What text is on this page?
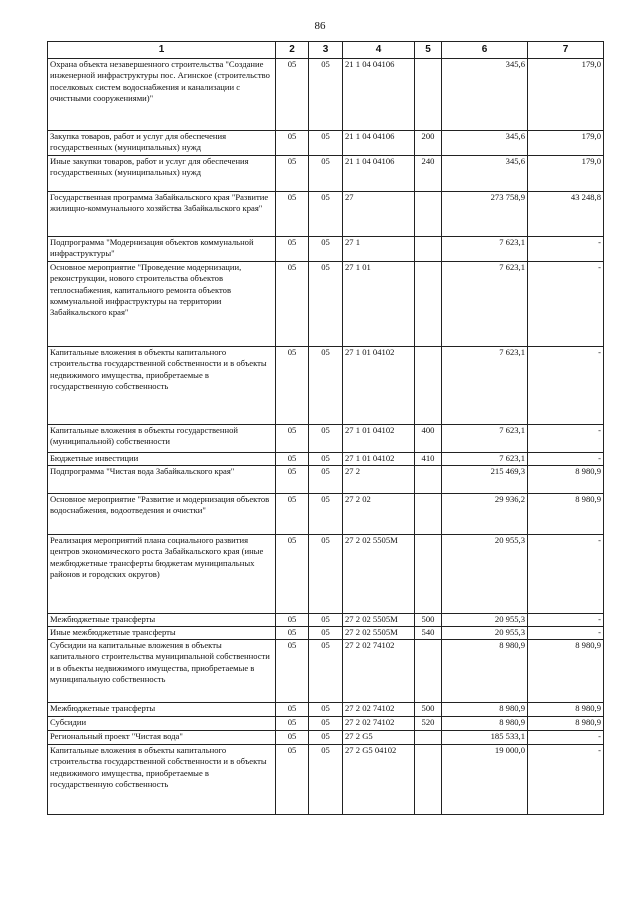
86
1	2	3	4	5	6	7
Охрана объекта незавершенного строительства "Создание инженерной инфраструктуры пос. Агинское (строительство поселковых систем водоснабжения и канализации с очистными сооружениями)"	05	05	21 1 04 04106		345,6	179,0
Закупка товаров, работ и услуг для обеспечения государственных (муниципальных) нужд	05	05	21 1 04 04106	200	345,6	179,0
Иные закупки товаров, работ и услуг для обеспечения государственных (муниципальных) нужд	05	05	21 1 04 04106	240	345,6	179,0
Государственная программа Забайкальского края "Развитие жилищно-коммунального хозяйства Забайкальского края"	05	05	27		273 758,9	43 248,8
Подпрограмма "Модернизация объектов коммунальной инфраструктуры"	05	05	27 1		7 623,1	-
Основное мероприятие "Проведение модернизации, реконструкции, нового строительства объектов теплоснабжения, капитального ремонта объектов коммунальной инфраструктуры на территории Забайкальского края"	05	05	27 1 01		7 623,1	-
Капитальные вложения в объекты капитального строительства государственной собственности и в объекты недвижимого имущества, приобретаемые в государственную собственность	05	05	27 1 01 04102		7 623,1	-
Капитальные вложения в объекты государственной (муниципальной) собственности	05	05	27 1 01 04102	400	7 623,1	-
Бюджетные инвестиции	05	05	27 1 01 04102	410	7 623,1	-
Подпрограмма "Чистая вода Забайкальского края"	05	05	27 2		215 469,3	8 980,9
Основное мероприятие "Развитие и модернизация объектов водоснабжения, водоотведения и очистки"	05	05	27 2 02		29 936,2	8 980,9
Реализация мероприятий плана социального развития центров экономического роста Забайкальского края (иные межбюджетные трансферты бюджетам муниципальных районов и городских округов)	05	05	27 2 02 5505М		20 955,3	-
Межбюджетные трансферты	05	05	27 2 02 5505М	500	20 955,3	-
Иные межбюджетные трансферты	05	05	27 2 02 5505М	540	20 955,3	-
Субсидии на капитальные вложения в объекты капитального строительства муниципальной собственности и в объекты недвижимого имущества, приобретаемые в муниципальную собственность	05	05	27 2 02 74102		8 980,9	8 980,9
Межбюджетные трансферты	05	05	27 2 02 74102	500	8 980,9	8 980,9
Субсидии	05	05	27 2 02 74102	520	8 980,9	8 980,9
Региональный проект "Чистая вода"	05	05	27 2 G5		185 533,1	-
Капитальные вложения в объекты капитального строительства государственной собственности и в объекты недвижимого имущества, приобретаемые в государственную собственность	05	05	27 2 G5 04102		19 000,0	-
